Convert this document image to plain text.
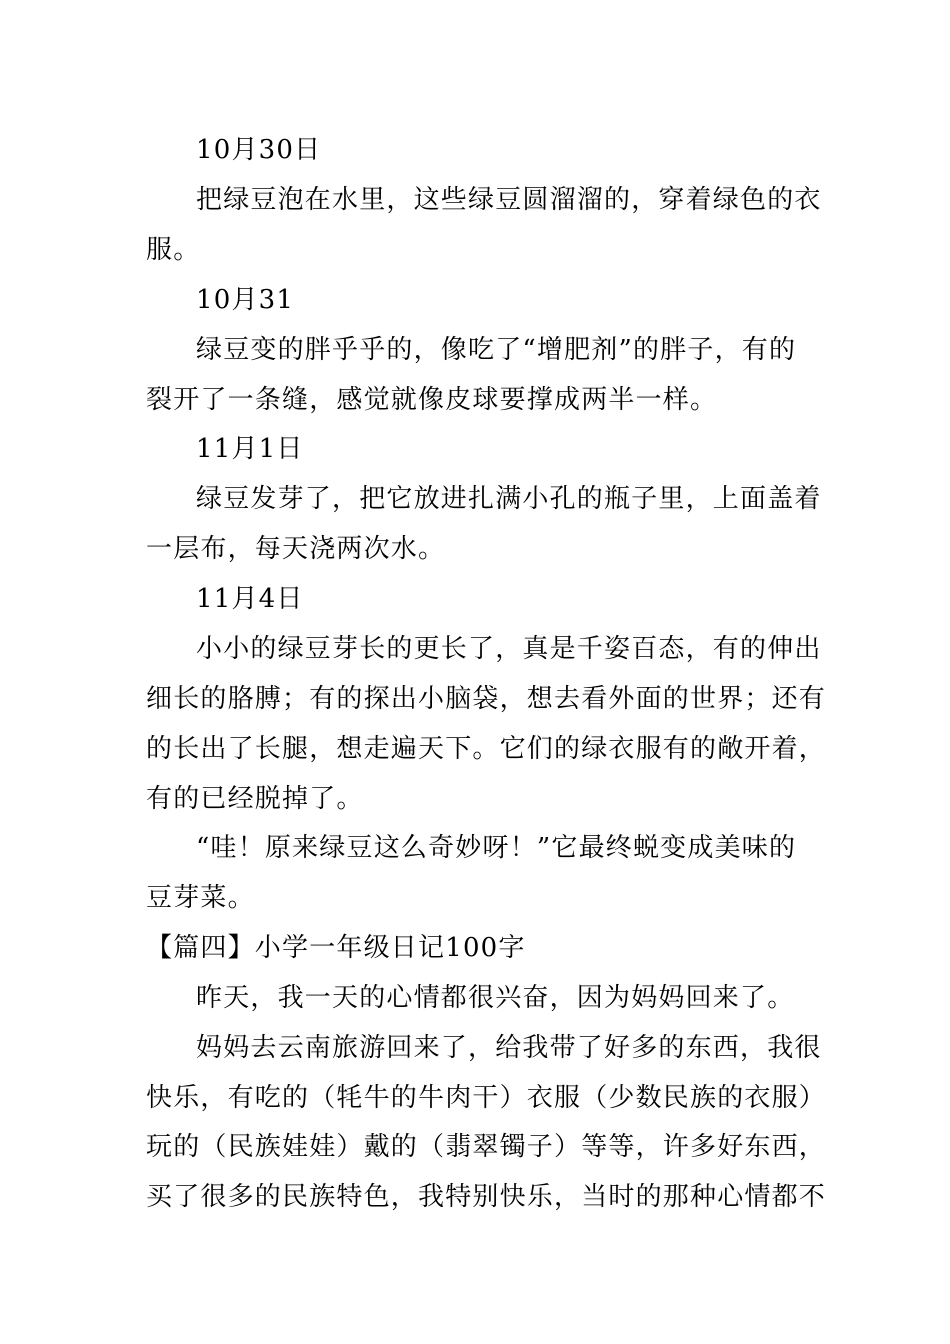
10月30日
把绿豆泡在水里，这些绿豆圆溜溜的，穿着绿色的衣
服。
10月31
绿豆变的胖乎乎的，像吃了“增肥剂”的胖子，有的
裂开了一条缝，感觉就像皮球要撑成两半一样。
11月1日
绿豆发芽了，把它放进扎满小孔的瓶子里，上面盖着
一层布，每天浇两次水。
11月4日
小小的绿豆芽长的更长了，真是千姿百态，有的伸出
细长的胳膊；有的探出小脑袋，想去看外面的世界；还有
的长出了长腿，想走遍天下。它们的绿衣服有的敞开着，
有的已经脱掉了。
“哇！原来绿豆这么奇妙呀！”它最终蜕变成美味的
豆芽菜。
【篇四】小学一年级日记100字
昨天，我一天的心情都很兴奋，因为妈妈回来了。
妈妈去云南旅游回来了，给我带了好多的东西，我很
快乐，有吃的（牦牛的牛肉干）衣服（少数民族的衣服）
玩的（民族娃娃）戴的（翡翠镯子）等等，许多好东西，
买了很多的民族特色，我特别快乐，当时的那种心情都不
